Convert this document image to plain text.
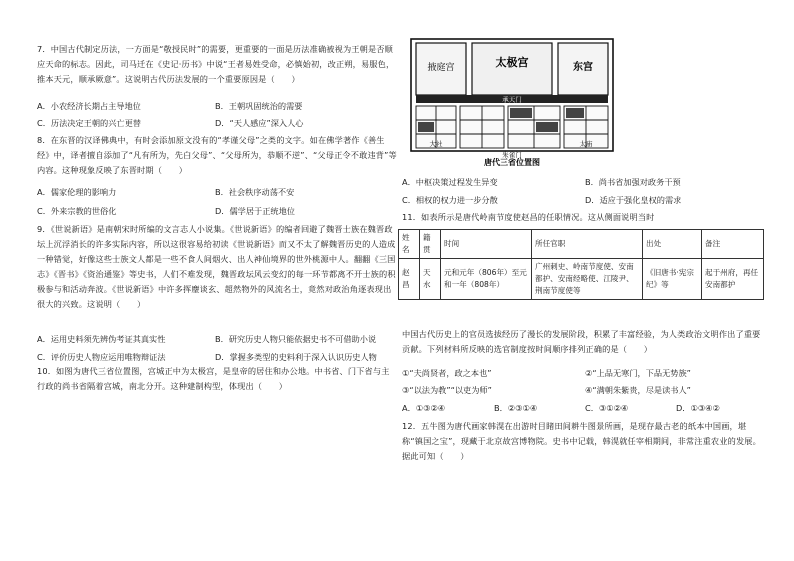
7．中国古代制定历法，一方面是“敬授民时”的需要，更重要的一面是历法准确被视为王朝是否顺应天命的标志。因此，司马迁在《史记·历书》中说“王者易姓受命，必慎始初，改正朔，易服色，推本天元，顺承厥意”。这说明古代历法发展的一个重要原因是（　　）

A．小农经济长期占主导地位	B．王朝巩固统治的需要
C．历法决定王朝的兴亡更替	D．“天人感应”深入人心

8．在东晋的汉译佛典中，有时会添加原文没有的“孝谨父母”之类的文字。如在佛学著作《善生经》中，译者擅自添加了“凡有所为，先白父母”、“父母所为，恭顺不逆”、“父母正令不敢违背”等内容。这种现象反映了东晋时期（　　）

A．儒家伦理的影响力	B．社会秩序动荡不安
C．外来宗教的世俗化	D．儒学居于正统地位

9．《世说新语》是南朝宋时所编的文言志人小说集。《世说新语》的编者回避了魏晋士族在魏晋政坛上沉浮消长的许多实际内容，所以这很容易给初读《世说新语》而又不太了解魏晋历史的人造成一种错觉，好像这些士族文人都是一些不食人间烟火、出人神仙境界的世外桃源中人。翻翻《三国志》《晋书》《资治通鉴》等史书，人们不难发现，魏晋政坛风云变幻的每一环节都离不开士族的积极参与和活动奔波。《世说新语》中许多挥麈谈玄、超然物外的风流名士，竟然对政治角逐表现出很大的兴致。这说明（　　）

A．运用史料须先辨伪考证其真实性	B．研究历史人物只能依据史书不可借助小说
C．评价历史人物应运用唯物辩证法	D．掌握多类型的史料利于深入认识历史人物

10．如图为唐代三省位置图，宫城正中为太极宫，是皇帝的居住和办公地。中书省、门下省与主行政的尚书省隔着宫城，南北分开。这种建制构型，体现出（　　）

掖庭宫	太极宫	东宫
承天门
大社	太庙
朱雀门
唐代三省位置图
A．中枢决策过程发生异变	B．尚书省加强对政务干预
C．相权的权力进一步分散	D．适应于强化皇权的需求

11．如表所示是唐代岭南节度使赵昌的任职情况。这从侧面说明当时

姓名	籍贯	时间	所任官职	出处	备注
赵昌	天水	元和元年（806年）至元和一年（808年）	广州刺史、岭南节度使、安南都护、安南经略使、江陵尹、荆南节度使等	《旧唐书·宪宗纪》等	起于州府，再任安南都护

中国古代历史上的官员选拔经历了漫长的发展阶段，积累了丰富经验，为人类政治文明作出了重要贡献。下列材料所反映的选官制度按时间顺序排列正确的是（　　）

①“夫尚贤者，政之本也”	②“上品无寒门，下品无势族”
③“以法为教”“以吏为师”	④“满朝朱紫贵，尽是读书人”
A．①③②④	B．②③①④	C．③①②④	D．①③④②

12．五牛图为唐代画家韩滉在出游时目睹田间耕牛图景所画，是现存最古老的纸本中国画，堪称“镇国之宝”，现藏于北京故宫博物院。史书中记载，韩滉就任宰相期间，非常注重农业的发展。据此可知（　　）
